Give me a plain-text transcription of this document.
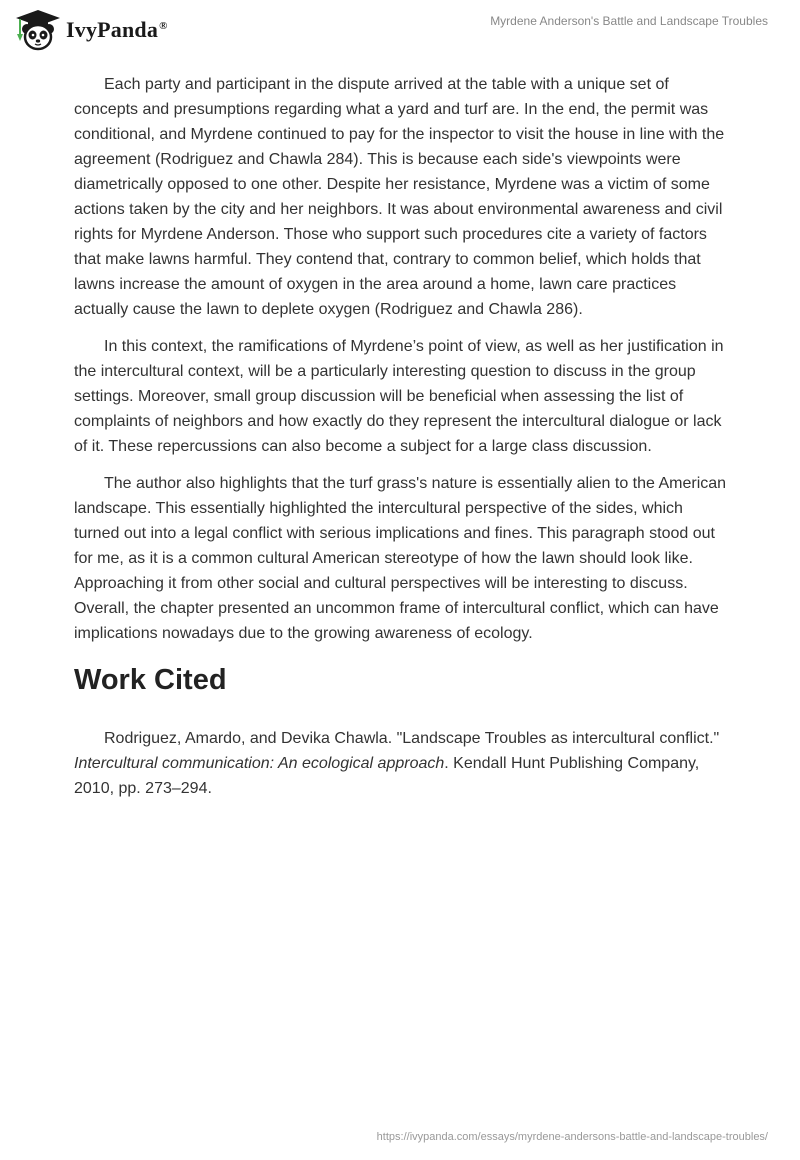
IvyPanda®	Myrdene Anderson's Battle and Landscape Troubles

Each party and participant in the dispute arrived at the table with a unique set of concepts and presumptions regarding what a yard and turf are. In the end, the permit was conditional, and Myrdene continued to pay for the inspector to visit the house in line with the agreement (Rodriguez and Chawla 284). This is because each side's viewpoints were diametrically opposed to one other. Despite her resistance, Myrdene was a victim of some actions taken by the city and her neighbors. It was about environmental awareness and civil rights for Myrdene Anderson. Those who support such procedures cite a variety of factors that make lawns harmful. They contend that, contrary to common belief, which holds that lawns increase the amount of oxygen in the area around a home, lawn care practices actually cause the lawn to deplete oxygen (Rodriguez and Chawla 286).

In this context, the ramifications of Myrdene’s point of view, as well as her justification in the intercultural context, will be a particularly interesting question to discuss in the group settings. Moreover, small group discussion will be beneficial when assessing the list of complaints of neighbors and how exactly do they represent the intercultural dialogue or lack of it. These repercussions can also become a subject for a large class discussion.

The author also highlights that the turf grass's nature is essentially alien to the American landscape. This essentially highlighted the intercultural perspective of the sides, which turned out into a legal conflict with serious implications and fines. This paragraph stood out for me, as it is a common cultural American stereotype of how the lawn should look like. Approaching it from other social and cultural perspectives will be interesting to discuss. Overall, the chapter presented an uncommon frame of intercultural conflict, which can have implications nowadays due to the growing awareness of ecology.

Work Cited

Rodriguez, Amardo, and Devika Chawla. "Landscape Troubles as intercultural conflict." Intercultural communication: An ecological approach. Kendall Hunt Publishing Company, 2010, pp. 273–294.

https://ivypanda.com/essays/myrdene-andersons-battle-and-landscape-troubles/
